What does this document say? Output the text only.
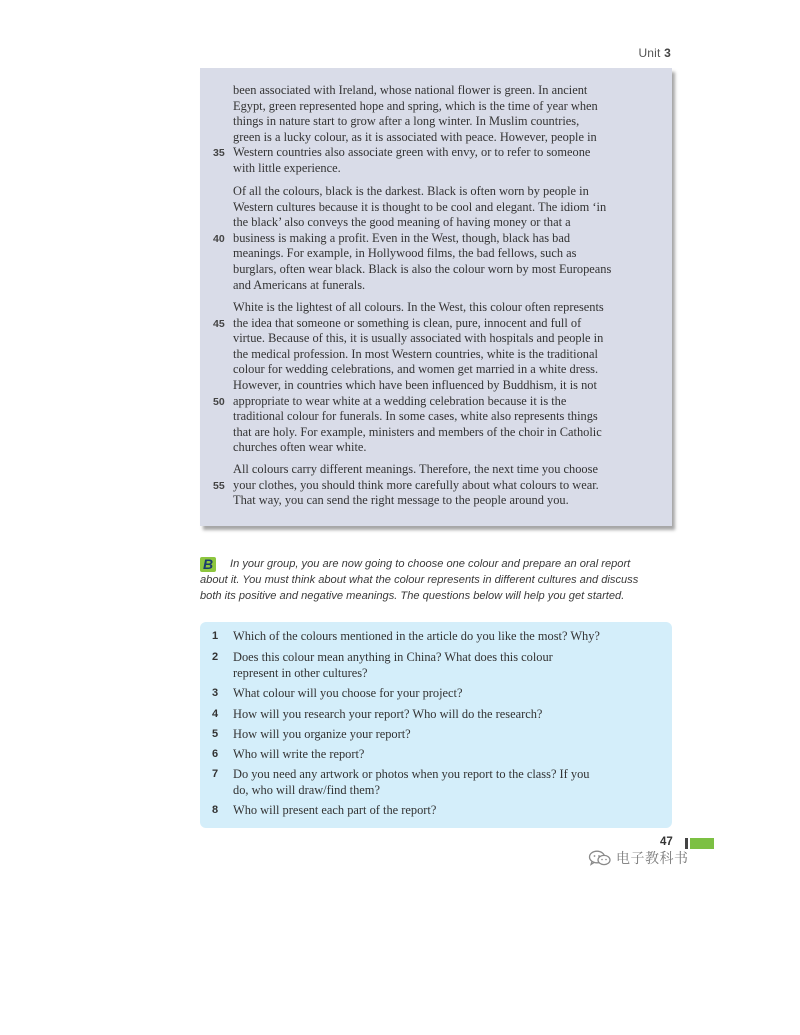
Unit 3
been associated with Ireland, whose national flower is green. In ancient
Egypt, green represented hope and spring, which is the time of year when
things in nature start to grow after a long winter. In Muslim countries,
green is a lucky colour, as it is associated with peace. However, people in
35 Western countries also associate green with envy, or to refer to someone
with little experience.
Of all the colours, black is the darkest. Black is often worn by people in
Western cultures because it is thought to be cool and elegant. The idiom ‘in
the black’ also conveys the good meaning of having money or that a
40 business is making a profit. Even in the West, though, black has bad
meanings. For example, in Hollywood films, the bad fellows, such as
burglars, often wear black. Black is also the colour worn by most Europeans
and Americans at funerals.
White is the lightest of all colours. In the West, this colour often represents
45 the idea that someone or something is clean, pure, innocent and full of
virtue. Because of this, it is usually associated with hospitals and people in
the medical profession. In most Western countries, white is the traditional
colour for wedding celebrations, and women get married in a white dress.
However, in countries which have been influenced by Buddhism, it is not
50 appropriate to wear white at a wedding celebration because it is the
traditional colour for funerals. In some cases, white also represents things
that are holy. For example, ministers and members of the choir in Catholic
churches often wear white.
All colours carry different meanings. Therefore, the next time you choose
55 your clothes, you should think more carefully about what colours to wear.
That way, you can send the right message to the people around you.
B In your group, you are now going to choose one colour and prepare an oral report
about it. You must think about what the colour represents in different cultures and discuss
both its positive and negative meanings. The questions below will help you get started.
1 Which of the colours mentioned in the article do you like the most? Why?
2 Does this colour mean anything in China? What does this colour
represent in other cultures?
3 What colour will you choose for your project?
4 How will you research your report? Who will do the research?
5 How will you organize your report?
6 Who will write the report?
7 Do you need any artwork or photos when you report to the class? If you
do, who will draw/find them?
8 Who will present each part of the report?
47
电子教科书
